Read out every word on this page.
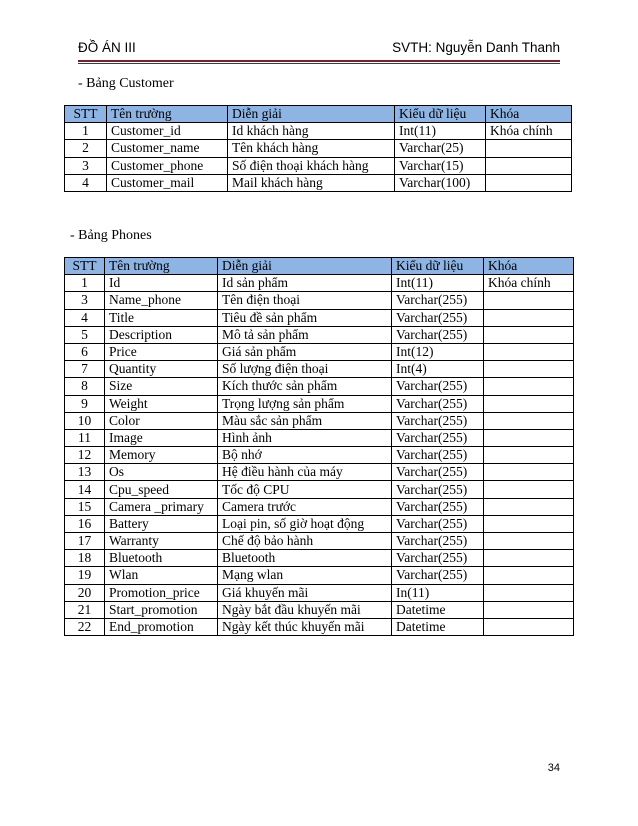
ĐỒ ÁN III	SVTH: Nguyễn Danh Thanh
- Bảng Customer
STT	Tên trường	Diễn giải	Kiểu dữ liệu	Khóa
1	Customer_id	Id khách hàng	Int(11)	Khóa chính
2	Customer_name	Tên khách hàng	Varchar(25)	
3	Customer_phone	Số điện thoại khách hàng	Varchar(15)	
4	Customer_mail	Mail khách hàng	Varchar(100)	
- Bảng Phones
STT	Tên trường	Diễn giải	Kiểu dữ liệu	Khóa
1	Id	Id sản phẩm	Int(11)	Khóa chính
3	Name_phone	Tên điện thoại	Varchar(255)	
4	Title	Tiêu đề sản phẩm	Varchar(255)	
5	Description	Mô tả sản phẩm	Varchar(255)	
6	Price	Giá sản phẩm	Int(12)	
7	Quantity	Số lượng điện thoại	Int(4)	
8	Size	Kích thước sản phẩm	Varchar(255)	
9	Weight	Trọng lượng sản phẩm	Varchar(255)	
10	Color	Màu sắc sản phẩm	Varchar(255)	
11	Image	Hình ảnh	Varchar(255)	
12	Memory	Bộ nhớ	Varchar(255)	
13	Os	Hệ điều hành của máy	Varchar(255)	
14	Cpu_speed	Tốc độ CPU	Varchar(255)	
15	Camera _primary	Camera trước	Varchar(255)	
16	Battery	Loại pin, số giờ hoạt động	Varchar(255)	
17	Warranty	Chế độ bảo hành	Varchar(255)	
18	Bluetooth	Bluetooth	Varchar(255)	
19	Wlan	Mạng wlan	Varchar(255)	
20	Promotion_price	Giá khuyến mãi	In(11)	
21	Start_promotion	Ngày bắt đầu khuyến mãi	Datetime	
22	End_promotion	Ngày kết thúc khuyến mãi	Datetime	
34
